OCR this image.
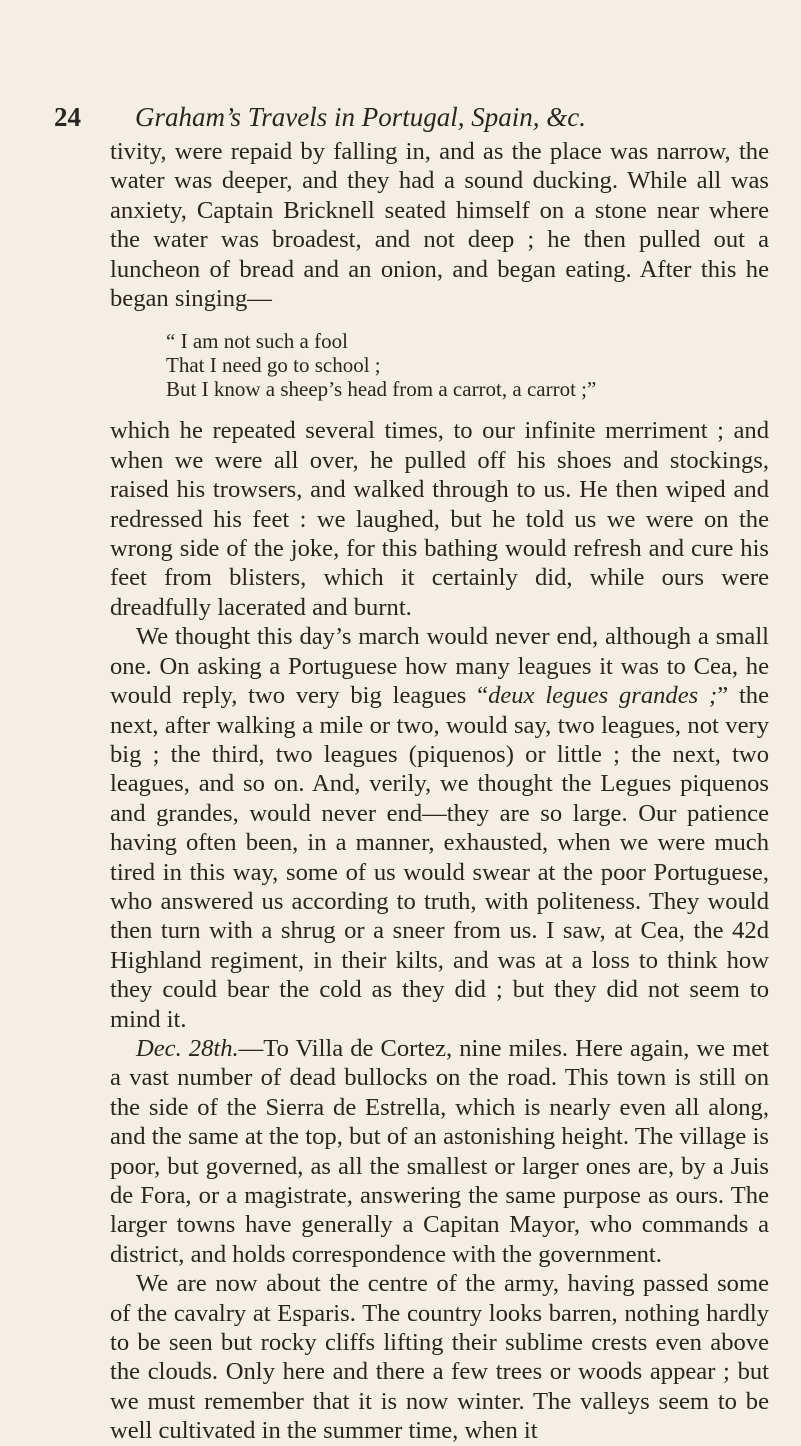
24 Graham’s Travels in Portugal, Spain, &c.

tivity, were repaid by falling in, and as the place was narrow, the water was deeper, and they had a sound ducking. While all was anxiety, Captain Bricknell seated himself on a stone near where the water was broadest, and not deep ; he then pulled out a luncheon of bread and an onion, and began eating. After this he began singing—

“ I am not such a fool
That I need go to school ;
But I know a sheep’s head from a carrot, a carrot ;”

which he repeated several times, to our infinite merriment ; and when we were all over, he pulled off his shoes and stockings, raised his trowsers, and walked through to us. He then wiped and redressed his feet : we laughed, but he told us we were on the wrong side of the joke, for this bathing would refresh and cure his feet from blisters, which it certainly did, while ours were dreadfully lacerated and burnt.

We thought this day’s march would never end, although a small one. On asking a Portuguese how many leagues it was to Cea, he would reply, two very big leagues “deux legues grandes ;” the next, after walking a mile or two, would say, two leagues, not very big ; the third, two leagues (piquenos) or little ; the next, two leagues, and so on. And, verily, we thought the Legues piquenos and grandes, would never end—they are so large. Our patience having often been, in a manner, exhausted, when we were much tired in this way, some of us would swear at the poor Portuguese, who answered us according to truth, with politeness. They would then turn with a shrug or a sneer from us. I saw, at Cea, the 42d Highland regiment, in their kilts, and was at a loss to think how they could bear the cold as they did ; but they did not seem to mind it.

Dec. 28th.—To Villa de Cortez, nine miles. Here again, we met a vast number of dead bullocks on the road. This town is still on the side of the Sierra de Estrella, which is nearly even all along, and the same at the top, but of an astonishing height. The village is poor, but governed, as all the smallest or larger ones are, by a Juis de Fora, or a magistrate, answering the same purpose as ours. The larger towns have generally a Capitan Mayor, who commands a district, and holds correspondence with the government.

We are now about the centre of the army, having passed some of the cavalry at Esparis. The country looks barren, nothing hardly to be seen but rocky cliffs lifting their sublime crests even above the clouds. Only here and there a few trees or woods appear ; but we must remember that it is now winter. The valleys seem to be well cultivated in the summer time, when it
